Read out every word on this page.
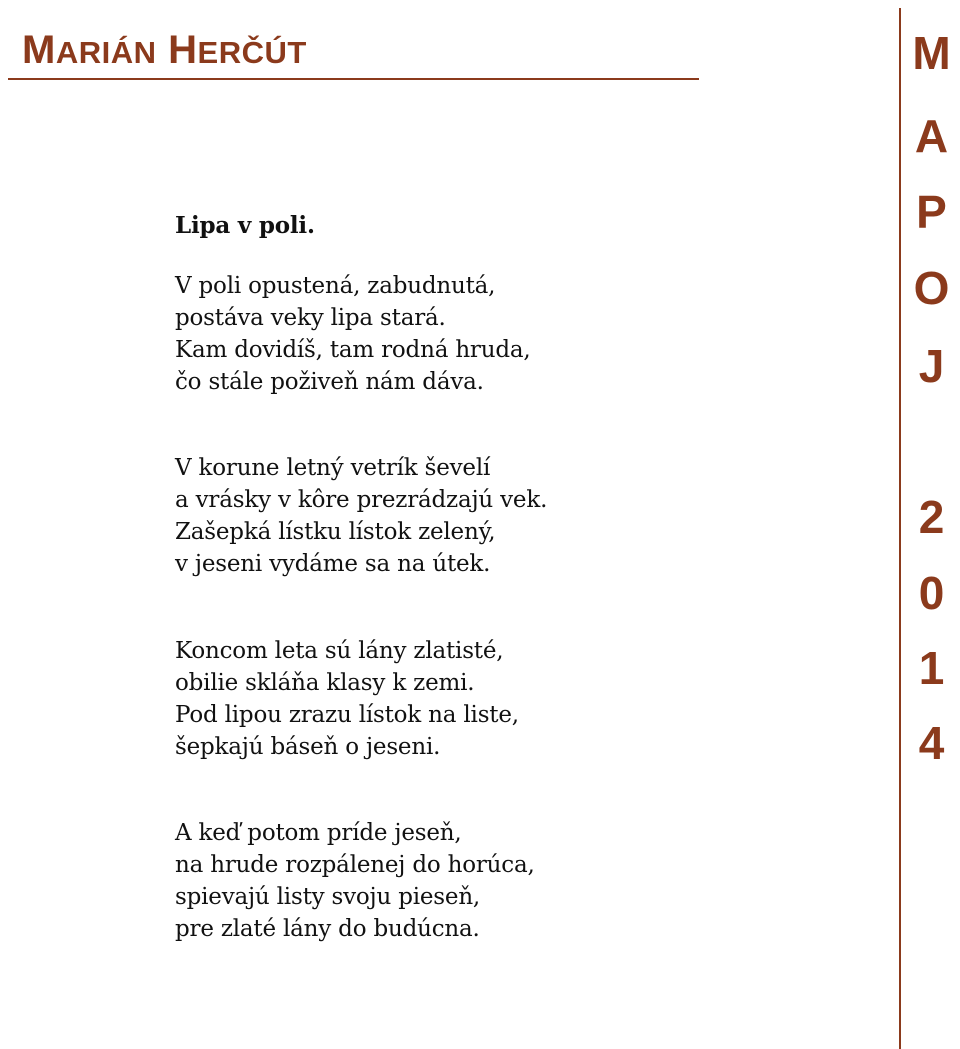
MARIÁN HERČÚT	M
A
P
O
J
2
0
1
4
Lipa v poli.
V poli opustená, zabudnutá,
postáva veky lipa stará.
Kam dovidíš, tam rodná hruda,
čo stále poživeň nám dáva.
V korune letný vetrík ševelí
a vrásky v kôre prezrádzajú vek.
Zašepká lístku lístok zelený,
v jeseni vydáme sa na útek.
Koncom leta sú lány zlatisté,
obilie skláňa klasy k zemi.
Pod lipou zrazu lístok na liste,
šepkajú báseň o jeseni.
A keď potom príde jeseň,
na hrude rozpálenej do horúca,
spievajú listy svoju pieseň,
pre zlaté lány do budúcna.
